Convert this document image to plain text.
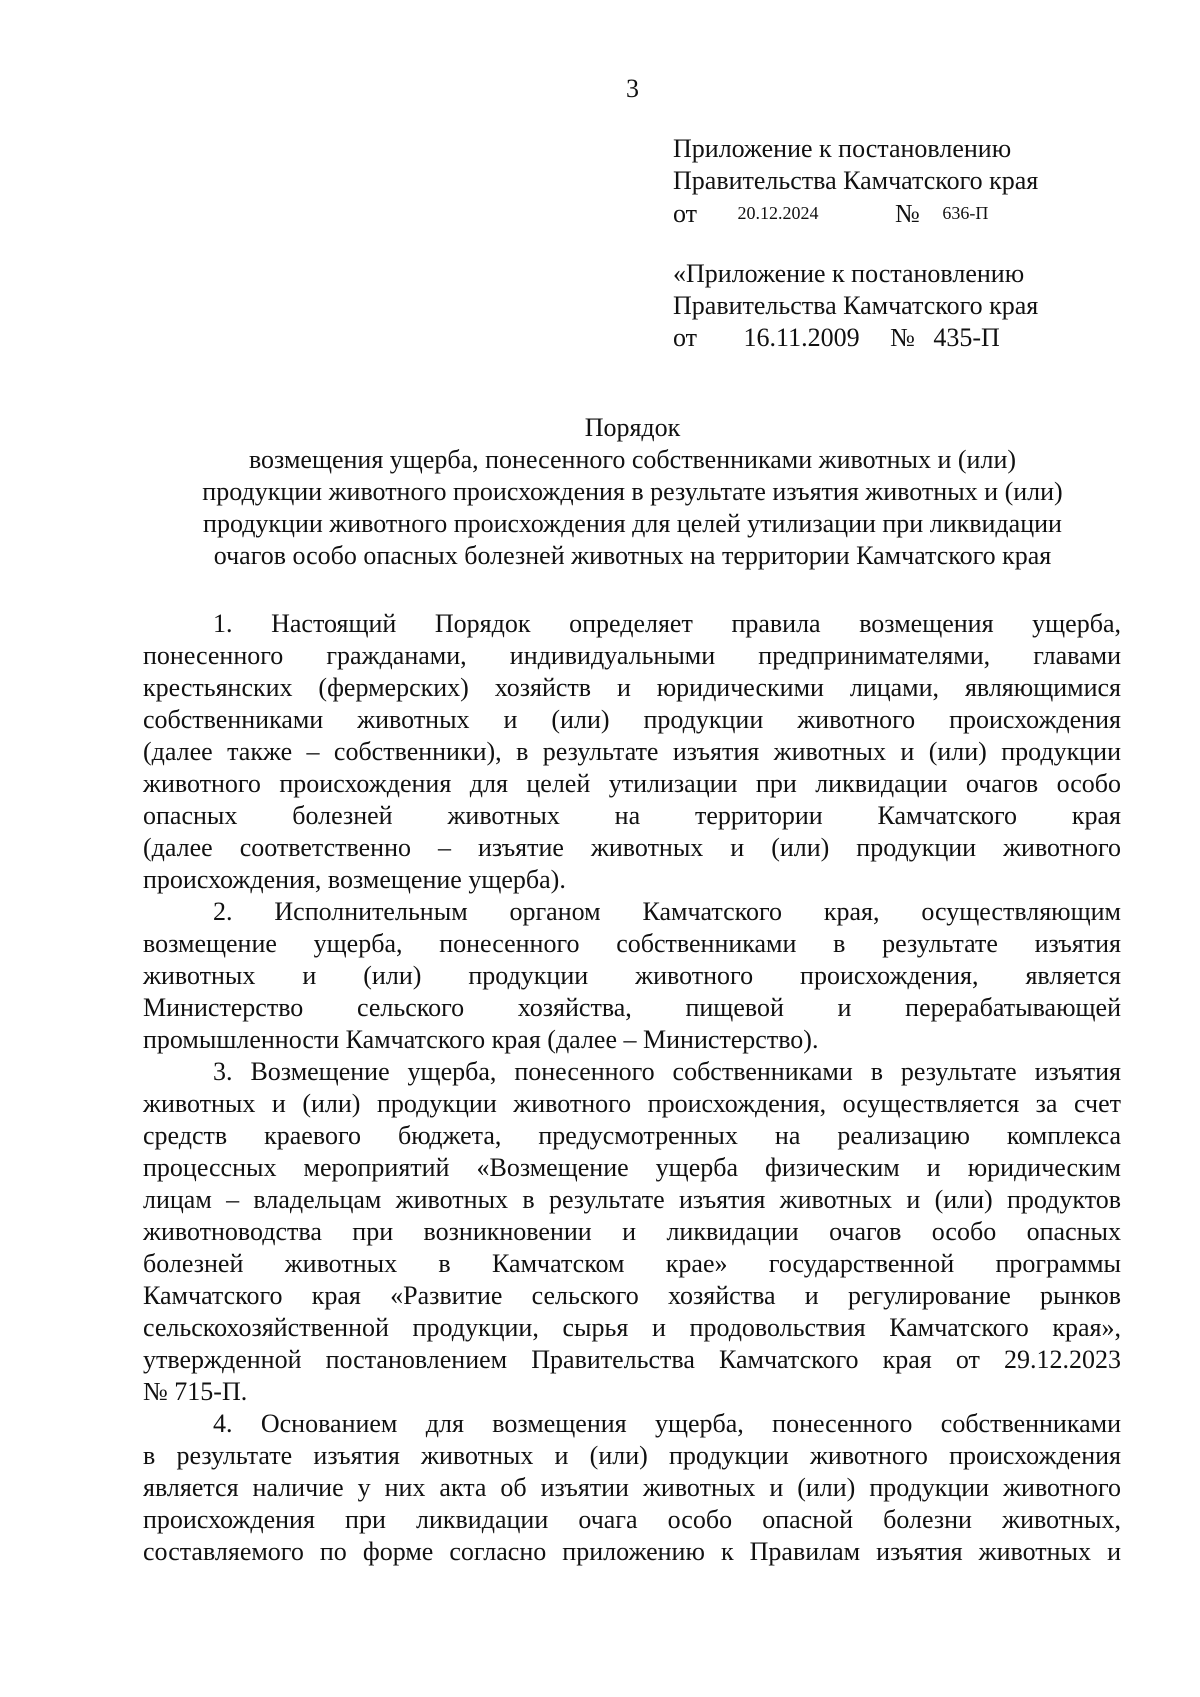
3
Приложение к постановлению
Правительства Камчатского края
от 20.12.2024	№ 636-П
«Приложение к постановлению
Правительства Камчатского края
от 16.11.2009 № 435-П
Порядок
возмещения ущерба, понесенного собственниками животных и (или)
продукции животного происхождения в результате изъятия животных и (или)
продукции животного происхождения для целей утилизации при ликвидации
очагов особо опасных болезней животных на территории Камчатского края
1. Настоящий Порядок определяет правила возмещения ущерба,
понесенного гражданами, индивидуальными предпринимателями, главами
крестьянских (фермерских) хозяйств и юридическими лицами, являющимися
собственниками животных и (или) продукции животного происхождения
(далее также – собственники), в результате изъятия животных и (или) продукции
животного происхождения для целей утилизации при ликвидации очагов особо
опасных болезней животных на территории Камчатского края
(далее соответственно – изъятие животных и (или) продукции животного
происхождения, возмещение ущерба).
2. Исполнительным органом Камчатского края, осуществляющим
возмещение ущерба, понесенного собственниками в результате изъятия
животных и (или) продукции животного происхождения, является
Министерство сельского хозяйства, пищевой и перерабатывающей
промышленности Камчатского края (далее – Министерство).
3. Возмещение ущерба, понесенного собственниками в результате изъятия
животных и (или) продукции животного происхождения, осуществляется за счет
средств краевого бюджета, предусмотренных на реализацию комплекса
процессных мероприятий «Возмещение ущерба физическим и юридическим
лицам – владельцам животных в результате изъятия животных и (или) продуктов
животноводства при возникновении и ликвидации очагов особо опасных
болезней животных в Камчатском крае» государственной программы
Камчатского края «Развитие сельского хозяйства и регулирование рынков
сельскохозяйственной продукции, сырья и продовольствия Камчатского края»,
утвержденной постановлением Правительства Камчатского края от 29.12.2023
№ 715-П.
4. Основанием для возмещения ущерба, понесенного собственниками
в результате изъятия животных и (или) продукции животного происхождения
является наличие у них акта об изъятии животных и (или) продукции животного
происхождения при ликвидации очага особо опасной болезни животных,
составляемого по форме согласно приложению к Правилам изъятия животных и
